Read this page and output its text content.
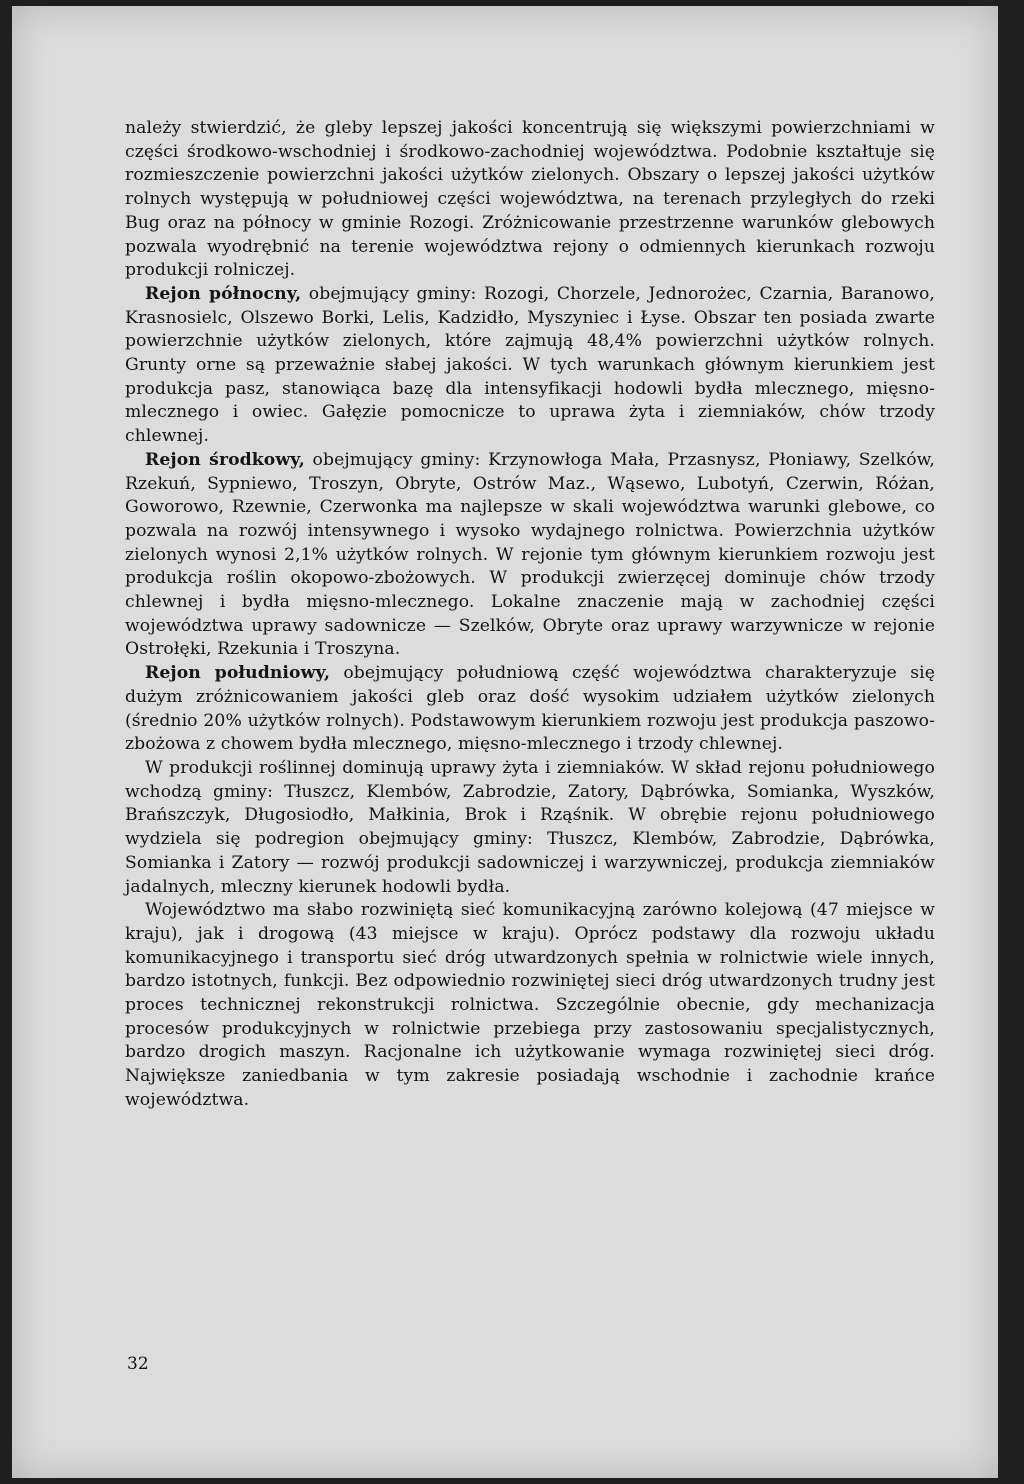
należy stwierdzić, że gleby lepszej jakości koncentrują się większymi powierzchniami w części środkowo-wschodniej i środkowo-zachodniej województwa. Podobnie kształtuje się rozmieszczenie powierzchni jakości użytków zielonych. Obszary o lepszej jakości użytków rolnych występują w południowej części województwa, na terenach przyległych do rzeki Bug oraz na północy w gminie Rozogi. Zróżnicowanie przestrzenne warunków glebowych pozwala wyodrębnić na terenie województwa rejony o odmiennych kierunkach rozwoju produkcji rolniczej.

Rejon północny, obejmujący gminy: Rozogi, Chorzele, Jednorożec, Czarnia, Baranowo, Krasnosielc, Olszewo Borki, Lelis, Kadzidło, Myszyniec i Łyse. Obszar ten posiada zwarte powierzchnie użytków zielonych, które zajmują 48,4% powierzchni użytków rolnych. Grunty orne są przeważnie słabej jakości. W tych warunkach głównym kierunkiem jest produkcja pasz, stanowiąca bazę dla intensyfikacji hodowli bydła mlecznego, mięsno-mlecznego i owiec. Gałęzie pomocnicze to uprawa żyta i ziemniaków, chów trzody chlewnej.

Rejon środkowy, obejmujący gminy: Krzynowłoga Mała, Przasnysz, Płoniawy, Szelków, Rzekuń, Sypniewo, Troszyn, Obryte, Ostrów Maz., Wąsewo, Lubotyń, Czerwin, Różan, Goworowo, Rzewnie, Czerwonka ma najlepsze w skali województwa warunki glebowe, co pozwala na rozwój intensywnego i wysoko wydajnego rolnictwa. Powierzchnia użytków zielonych wynosi 2,1% użytków rolnych. W rejonie tym głównym kierunkiem rozwoju jest produkcja roślin okopowo-zbożowych. W produkcji zwierzęcej dominuje chów trzody chlewnej i bydła mięsno-mlecznego. Lokalne znaczenie mają w zachodniej części województwa uprawy sadownicze — Szelków, Obryte oraz uprawy warzywnicze w rejonie Ostrołęki, Rzekunia i Troszyna.

Rejon południowy, obejmujący południową część województwa charakteryzuje się dużym zróżnicowaniem jakości gleb oraz dość wysokim udziałem użytków zielonych (średnio 20% użytków rolnych). Podstawowym kierunkiem rozwoju jest produkcja paszowo-zbożowa z chowem bydła mlecznego, mięsno-mlecznego i trzody chlewnej.

W produkcji roślinnej dominują uprawy żyta i ziemniaków. W skład rejonu południowego wchodzą gminy: Tłuszcz, Klembów, Zabrodzie, Zatory, Dąbrówka, Somianka, Wyszków, Brańszczyk, Długosiodło, Małkinia, Brok i Rząśnik. W obrębie rejonu południowego wydziela się podregion obejmujący gminy: Tłuszcz, Klembów, Zabrodzie, Dąbrówka, Somianka i Zatory — rozwój produkcji sadowniczej i warzywniczej, produkcja ziemniaków jadalnych, mleczny kierunek hodowli bydła.

Województwo ma słabo rozwiniętą sieć komunikacyjną zarówno kolejową (47 miejsce w kraju), jak i drogową (43 miejsce w kraju). Oprócz podstawy dla rozwoju układu komunikacyjnego i transportu sieć dróg utwardzonych spełnia w rolnictwie wiele innych, bardzo istotnych, funkcji. Bez odpowiednio rozwiniętej sieci dróg utwardzonych trudny jest proces technicznej rekonstrukcji rolnictwa. Szczególnie obecnie, gdy mechanizacja procesów produkcyjnych w rolnictwie przebiega przy zastosowaniu specjalistycznych, bardzo drogich maszyn. Racjonalne ich użytkowanie wymaga rozwiniętej sieci dróg. Największe zaniedbania w tym zakresie posiadają wschodnie i zachodnie krańce województwa.

32
